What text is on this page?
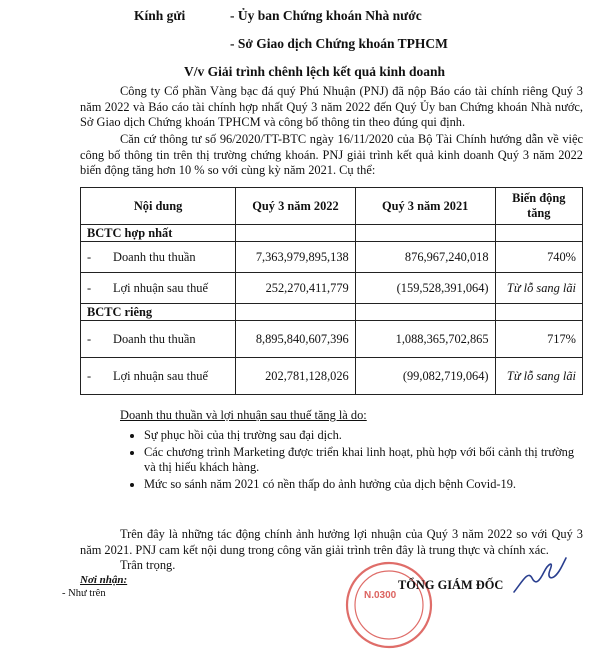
Kính gửi	- Ủy ban Chứng khoán Nhà nước
- Sở Giao dịch Chứng khoán TPHCM
V/v Giải trình chênh lệch kết quả kinh doanh
Công ty Cổ phần Vàng bạc đá quý Phú Nhuận (PNJ) đã nộp Báo cáo tài chính riêng Quý 3 năm 2022 và Báo cáo tài chính hợp nhất Quý 3 năm 2022 đến Quý Ủy ban Chứng khoán Nhà nước, Sở Giao dịch Chứng khoán TPHCM và công bố thông tin theo đúng qui định.
Căn cứ thông tư số 96/2020/TT-BTC ngày 16/11/2020 của Bộ Tài Chính hướng dẫn về việc công bố thông tin trên thị trường chứng khoán. PNJ giải trình kết quả kinh doanh Quý 3 năm 2022 biến động tăng hơn 10 % so với cùng kỳ năm 2021. Cụ thể:
Nội dung	Quý 3 năm 2022	Quý 3 năm 2021	Biến động tăng
BCTC hợp nhất			
- Doanh thu thuần	7,363,979,895,138	876,967,240,018	740%
- Lợi nhuận sau thuế	252,270,411,779	(159,528,391,064)	Từ lỗ sang lãi
BCTC riêng			
- Doanh thu thuần	8,895,840,607,396	1,088,365,702,865	717%
- Lợi nhuận sau thuế	202,781,128,026	(99,082,719,064)	Từ lỗ sang lãi
Doanh thu thuần và lợi nhuận sau thuế tăng là do:
• Sự phục hồi của thị trường sau đại dịch.
• Các chương trình Marketing được triển khai linh hoạt, phù hợp với bối cảnh thị trường và thị hiếu khách hàng.
• Mức so sánh năm 2021 có nền thấp do ảnh hưởng của dịch bệnh Covid-19.
Trên đây là những tác động chính ảnh hưởng lợi nhuận của Quý 3 năm 2022 so với Quý 3 năm 2021. PNJ cam kết nội dung trong công văn giải trình trên đây là trung thực và chính xác.
Trân trọng.
Nơi nhận:
- Như trên	N.0300
TỔNG GIÁM ĐỐC
